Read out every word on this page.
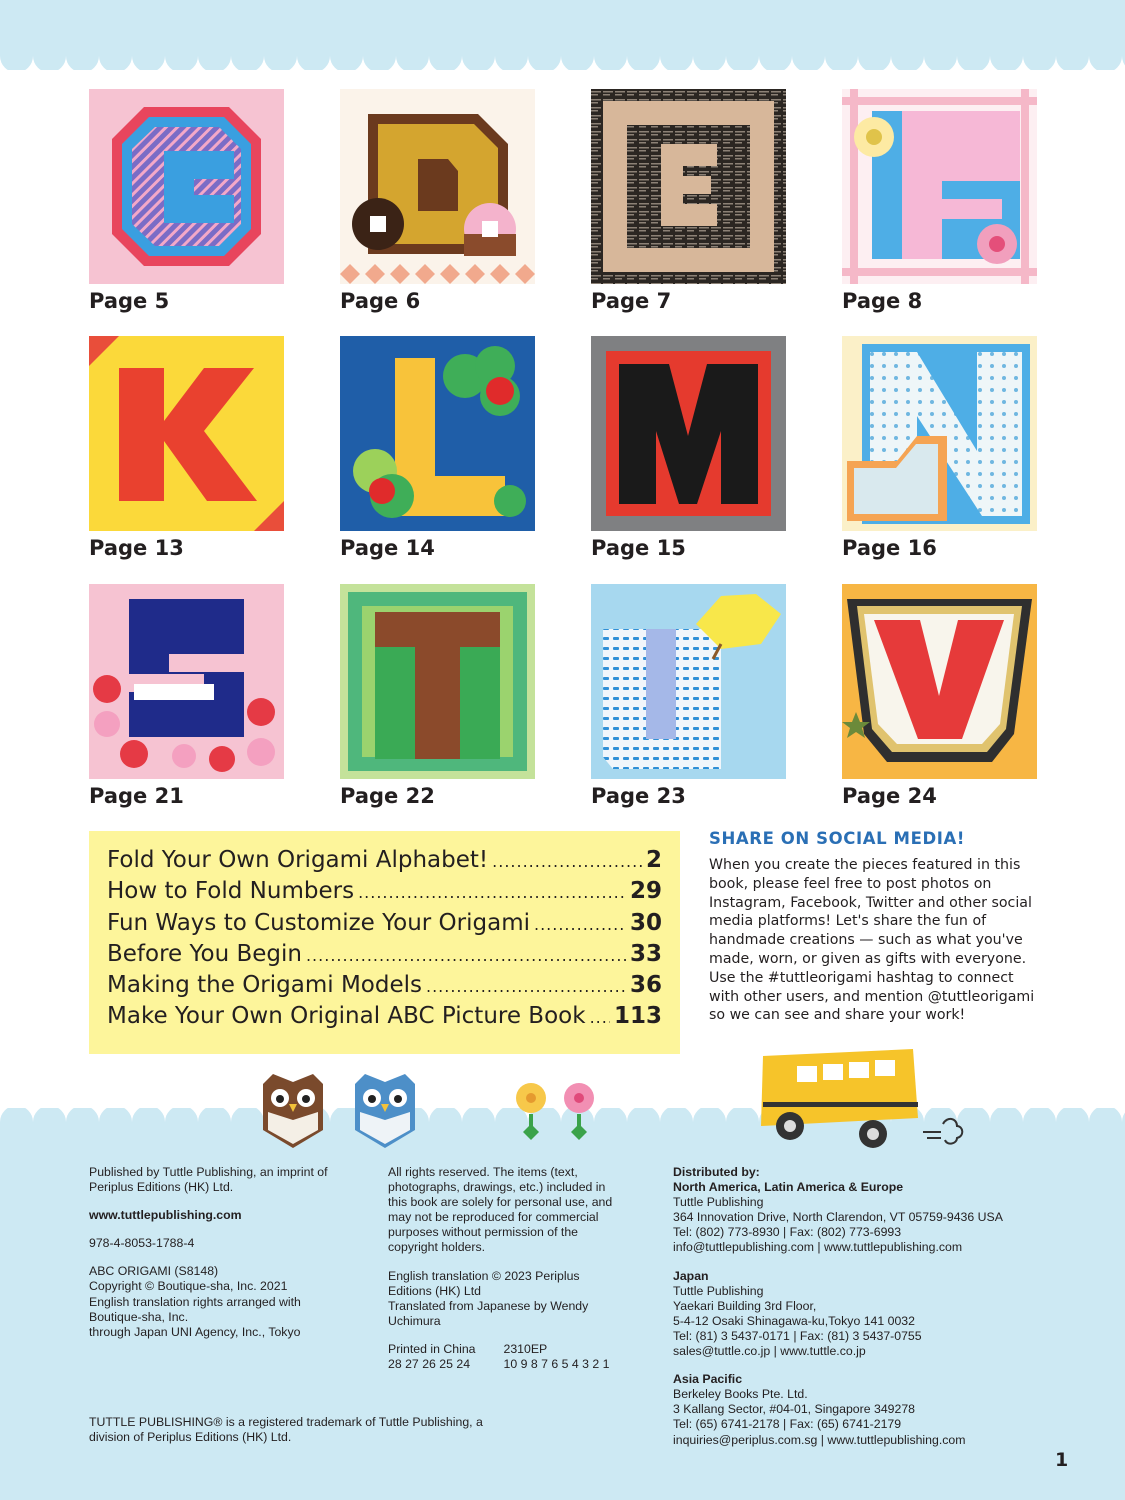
Page 5	Page 6	Page 7	Page 8
Page 13	Page 14	Page 15	Page 16
Page 21	Page 22	Page 23	Page 24
Fold Your Own Origami Alphabet! .....	2
How to Fold Numbers .....	29
Fun Ways to Customize Your Origami .....	30
Before You Begin .....	33
Making the Origami Models .....	36
Make Your Own Original ABC Picture Book ..... 113
SHARE ON SOCIAL MEDIA!
When you create the pieces featured in this book, please feel free to post photos on Instagram, Facebook, Twitter and other social media platforms! Let's share the fun of handmade creations — such as what you've made, worn, or given as gifts with everyone. Use the #tuttleorigami hashtag to connect with other users, and mention @tuttleorigami so we can see and share your work!

Published by Tuttle Publishing, an imprint of Periplus Editions (HK) Ltd.

www.tuttlepublishing.com

978-4-8053-1788-4

ABC ORIGAMI (S8148)

Copyright © Boutique-sha, Inc. 2021

English translation rights arranged with Boutique-sha, Inc.

through Japan UNI Agency, Inc., Tokyo

All rights reserved. The items (text, photographs, drawings, etc.) included in this book are solely for personal use, and may not be reproduced for commercial purposes without permission of the copyright holders.

English translation © 2023 Periplus Editions (HK) Ltd

Translated from Japanese by Wendy Uchimura

Printed in China

28 27 26 25 24

2310EP

10 9 8 7 6 5 4 3 2 1

Distributed by:

North America, Latin America & Europe

Tuttle Publishing

364 Innovation Drive, North Clarendon, VT 05759-9436 USA

Tel: (802) 773-8930 | Fax: (802) 773-6993

info@tuttlepublishing.com | www.tuttlepublishing.com

Japan

Tuttle Publishing

Yaekari Building 3rd Floor,

5-4-12 Osaki Shinagawa-ku,Tokyo 141 0032

Tel: (81) 3 5437-0171 | Fax: (81) 3 5437-0755

sales@tuttle.co.jp | www.tuttle.co.jp

Asia Pacific

Berkeley Books Pte. Ltd.

3 Kallang Sector, #04-01, Singapore 349278

Tel: (65) 6741-2178 | Fax: (65) 6741-2179

inquiries@periplus.com.sg | www.tuttlepublishing.com

TUTTLE PUBLISHING® is a registered trademark of Tuttle Publishing, a division of Periplus Editions (HK) Ltd.
1
